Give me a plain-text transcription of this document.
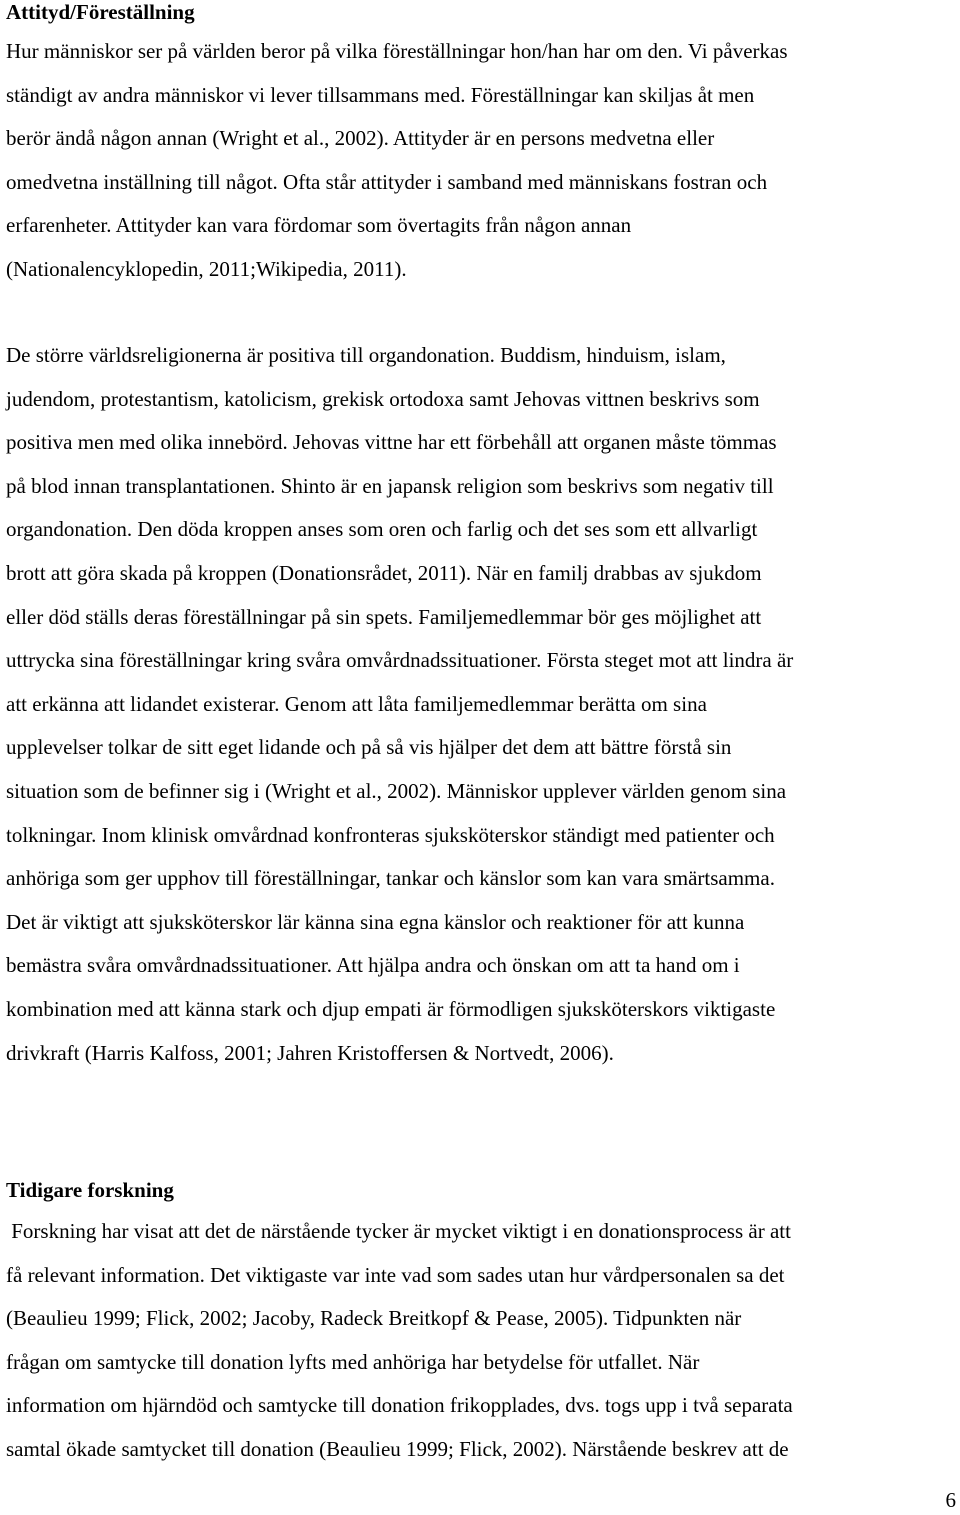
Attityd/Föreställning

Hur människor ser på världen beror på vilka föreställningar hon/han har om den. Vi påverkas

ständigt av andra människor vi lever tillsammans med. Föreställningar kan skiljas åt men

berör ändå någon annan (Wright et al., 2002). Attityder är en persons medvetna eller

omedvetna inställning till något. Ofta står attityder i samband med människans fostran och

erfarenheter. Attityder kan vara fördomar som övertagits från någon annan

(Nationalencyklopedin, 2011;Wikipedia, 2011).

De större världsreligionerna är positiva till organdonation. Buddism, hinduism, islam,

judendom, protestantism, katolicism, grekisk ortodoxa samt Jehovas vittnen beskrivs som

positiva men med olika innebörd. Jehovas vittne har ett förbehåll att organen måste tömmas

på blod innan transplantationen. Shinto är en japansk religion som beskrivs som negativ till

organdonation. Den döda kroppen anses som oren och farlig och det ses som ett allvarligt

brott att göra skada på kroppen (Donationsrådet, 2011). När en familj drabbas av sjukdom

eller död ställs deras föreställningar på sin spets. Familjemedlemmar bör ges möjlighet att

uttrycka sina föreställningar kring svåra omvårdnadssituationer. Första steget mot att lindra är

att erkänna att lidandet existerar. Genom att låta familjemedlemmar berätta om sina

upplevelser tolkar de sitt eget lidande och på så vis hjälper det dem att bättre förstå sin

situation som de befinner sig i (Wright et al., 2002). Människor upplever världen genom sina

tolkningar. Inom klinisk omvårdnad konfronteras sjuksköterskor ständigt med patienter och

anhöriga som ger upphov till föreställningar, tankar och känslor som kan vara smärtsamma.

Det är viktigt att sjuksköterskor lär känna sina egna känslor och reaktioner för att kunna

bemästra svåra omvårdnadssituationer. Att hjälpa andra och önskan om att ta hand om i

kombination med att känna stark och djup empati är förmodligen sjuksköterskors viktigaste

drivkraft (Harris Kalfoss, 2001; Jahren Kristoffersen & Nortvedt, 2006).

Tidigare forskning

Forskning har visat att det de närstående tycker är mycket viktigt i en donationsprocess är att

få relevant information. Det viktigaste var inte vad som sades utan hur vårdpersonalen sa det

(Beaulieu 1999; Flick, 2002; Jacoby, Radeck Breitkopf & Pease, 2005). Tidpunkten när

frågan om samtycke till donation lyfts med anhöriga har betydelse för utfallet. När

information om hjärndöd och samtycke till donation frikopplades, dvs. togs upp i två separata

samtal ökade samtycket till donation (Beaulieu 1999; Flick, 2002). Närstående beskrev att de

6
